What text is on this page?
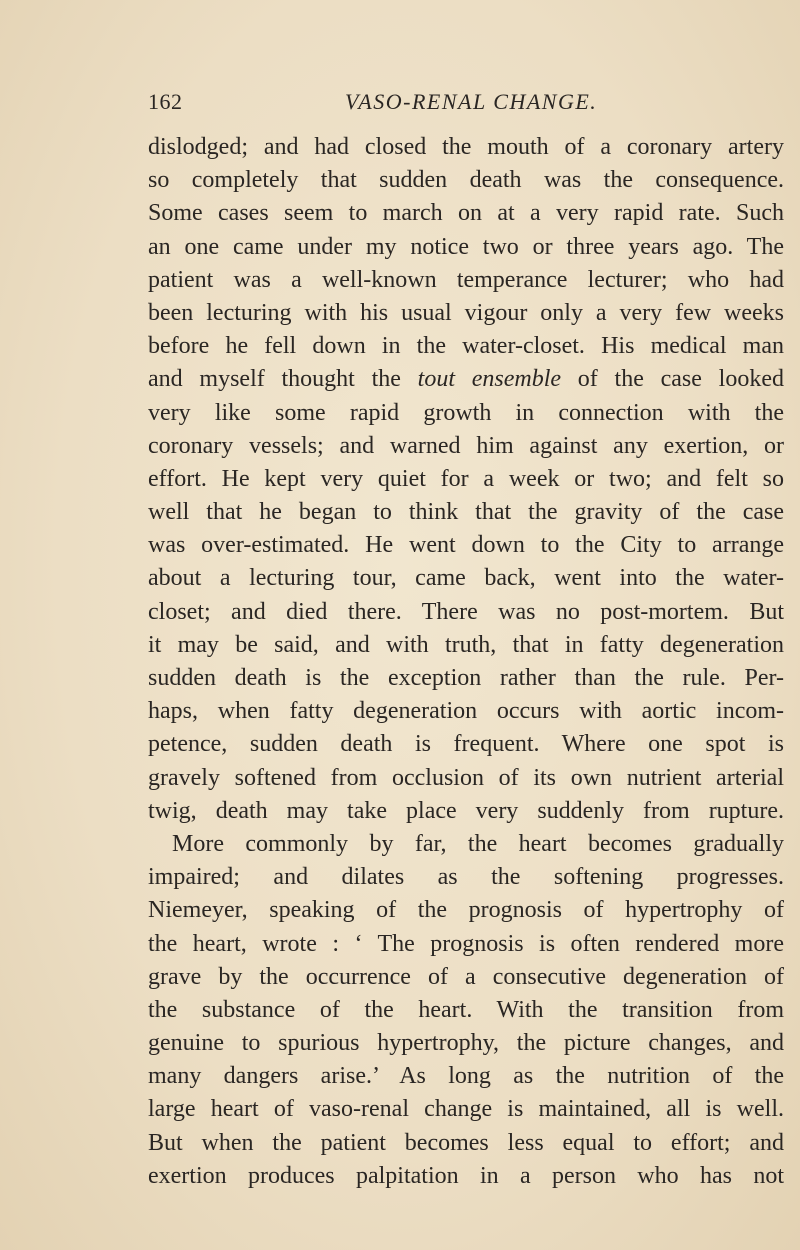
162	VASO-RENAL CHANGE.
dislodged; and had closed the mouth of a coronary artery
so completely that sudden death was the consequence.
Some cases seem to march on at a very rapid rate. Such
an one came under my notice two or three years ago. The
patient was a well-known temperance lecturer; who had
been lecturing with his usual vigour only a very few weeks
before he fell down in the water-closet. His medical man
and myself thought the tout ensemble of the case looked
very like some rapid growth in connection with the
coronary vessels; and warned him against any exertion, or
effort. He kept very quiet for a week or two; and felt so
well that he began to think that the gravity of the case
was over-estimated. He went down to the City to arrange
about a lecturing tour, came back, went into the water-
closet; and died there. There was no post-mortem. But
it may be said, and with truth, that in fatty degeneration
sudden death is the exception rather than the rule. Per-
haps, when fatty degeneration occurs with aortic incom-
petence, sudden death is frequent. Where one spot is
gravely softened from occlusion of its own nutrient arterial
twig, death may take place very suddenly from rupture.
More commonly by far, the heart becomes gradually
impaired; and dilates as the softening progresses.
Niemeyer, speaking of the prognosis of hypertrophy of
the heart, wrote : ‘ The prognosis is often rendered more
grave by the occurrence of a consecutive degeneration of
the substance of the heart. With the transition from
genuine to spurious hypertrophy, the picture changes, and
many dangers arise.’ As long as the nutrition of the
large heart of vaso-renal change is maintained, all is well.
But when the patient becomes less equal to effort; and
exertion produces palpitation in a person who has not
